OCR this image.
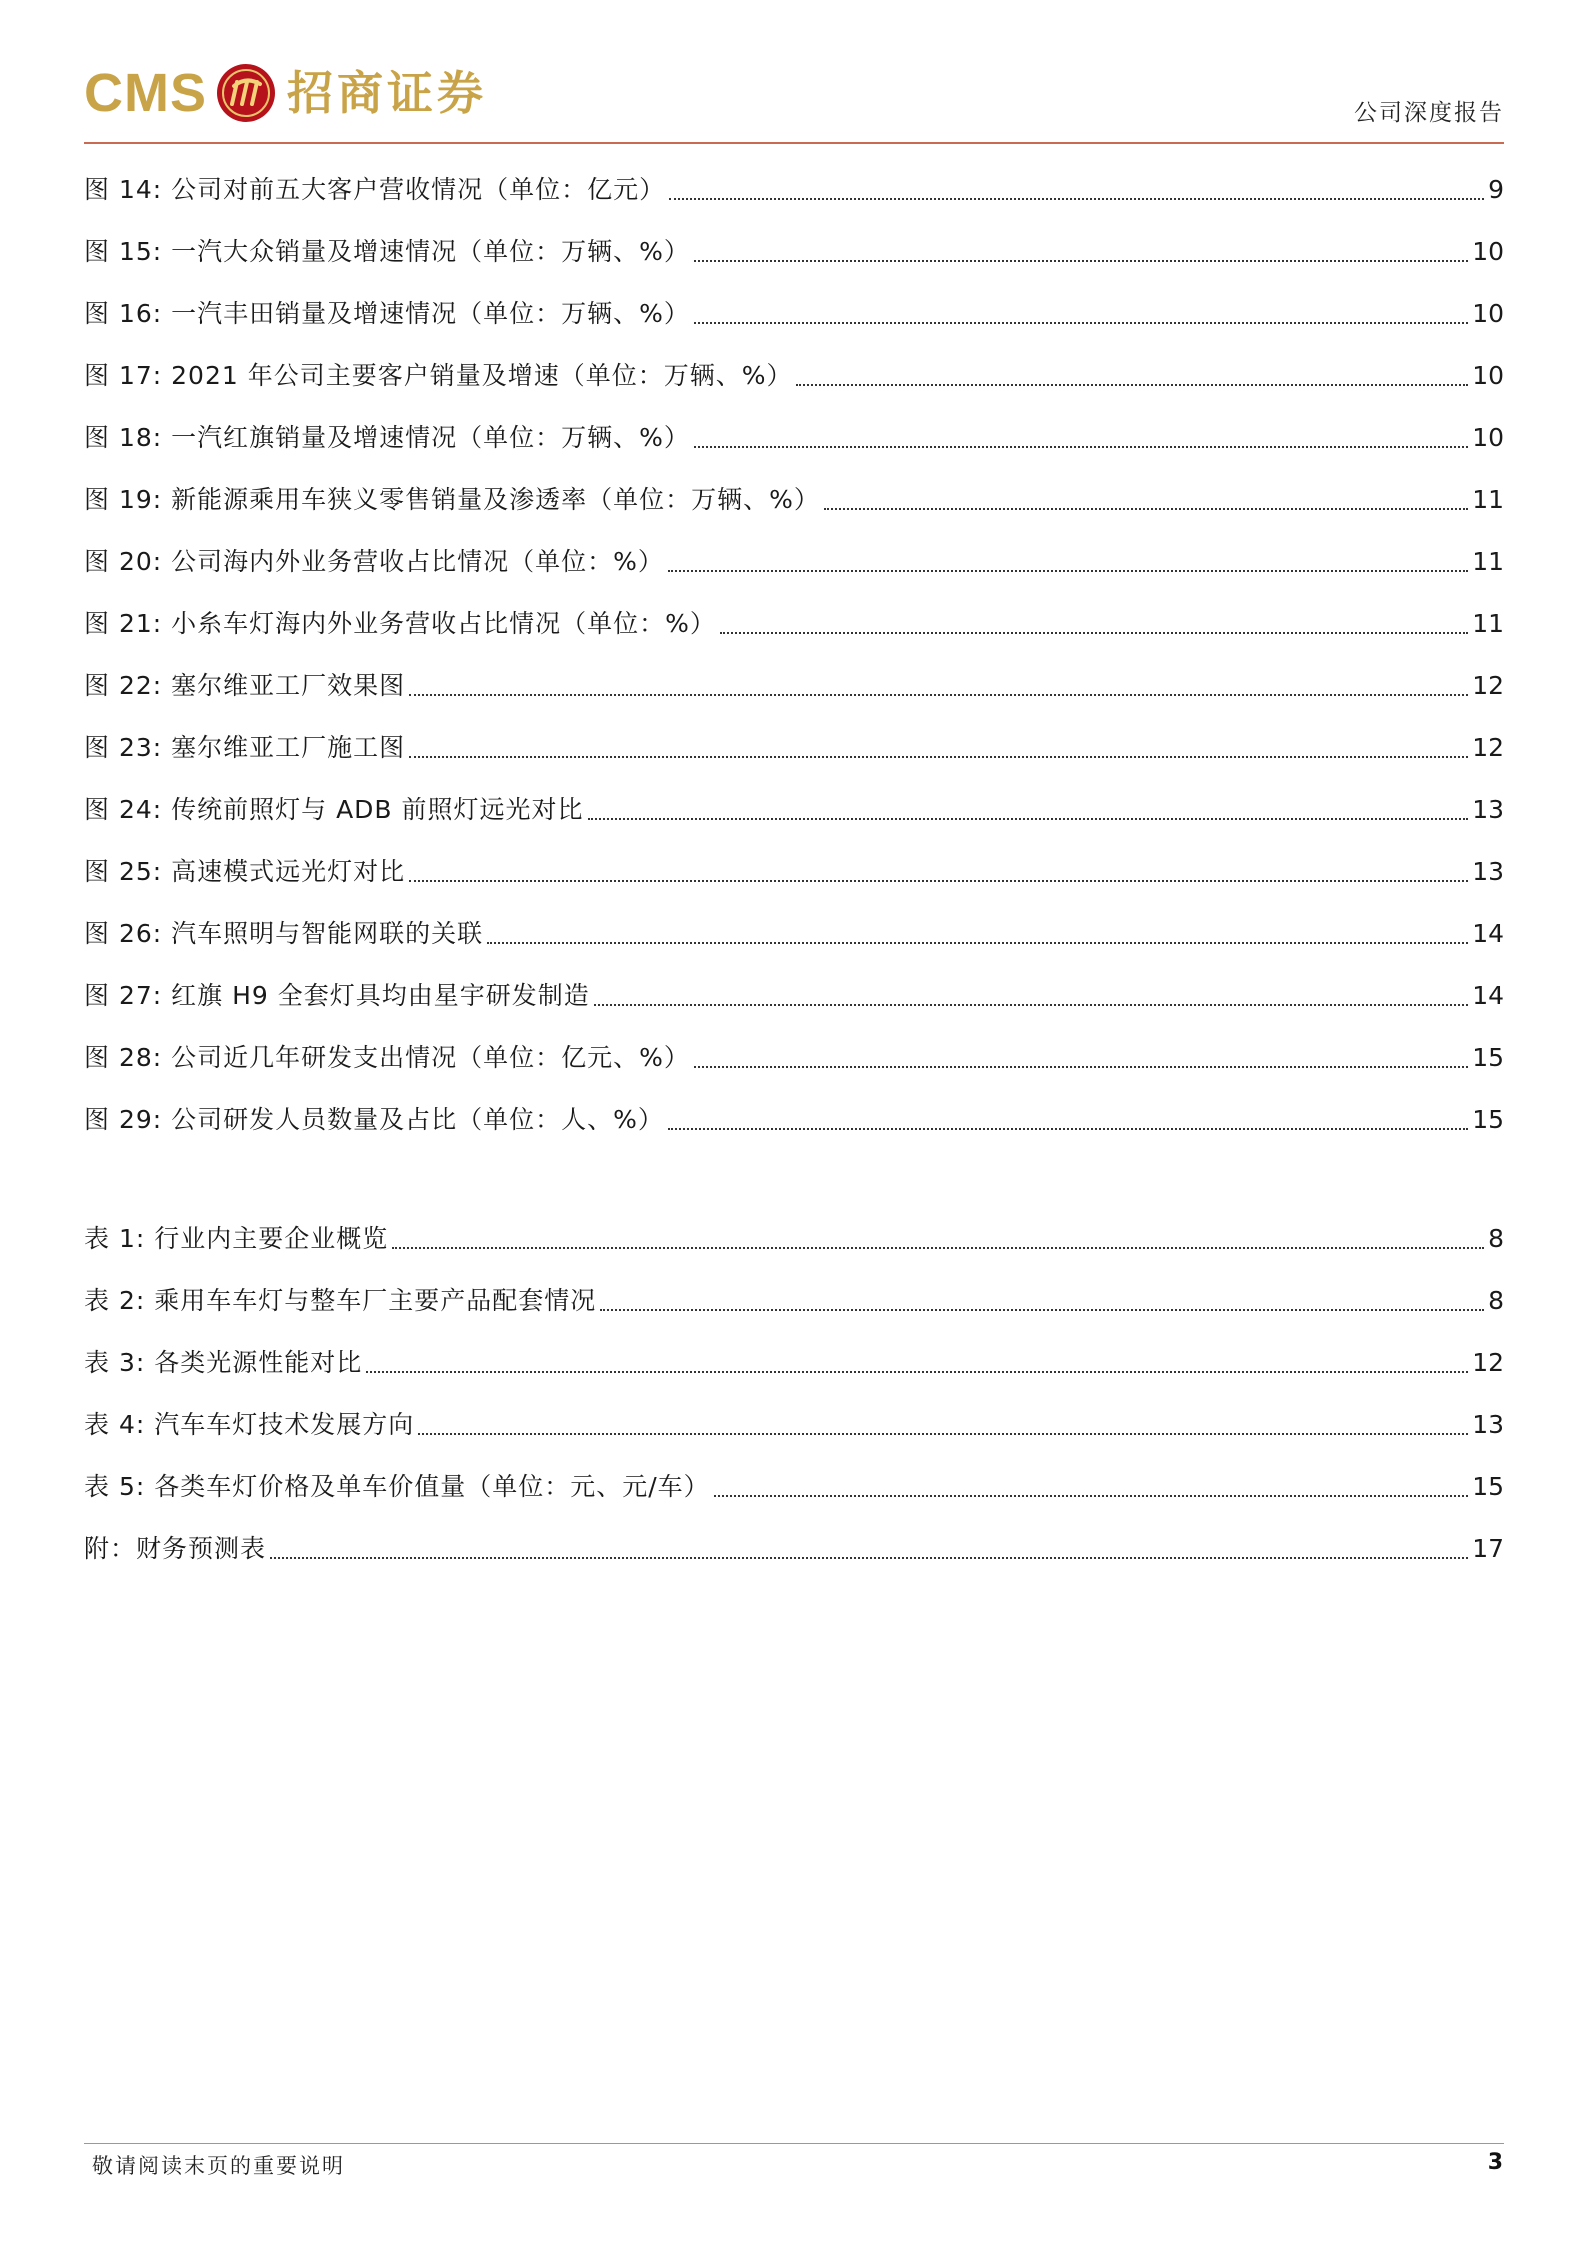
CMS 招商证券	公司深度报告
图 14: 公司对前五大客户营收情况（单位：亿元）	9
图 15: 一汽大众销量及增速情况（单位：万辆、%）	10
图 16: 一汽丰田销量及增速情况（单位：万辆、%）	10
图 17: 2021 年公司主要客户销量及增速（单位：万辆、%）	10
图 18: 一汽红旗销量及增速情况（单位：万辆、%）	10
图 19: 新能源乘用车狭义零售销量及渗透率（单位：万辆、%）	11
图 20: 公司海内外业务营收占比情况（单位：%）	11
图 21: 小糸车灯海内外业务营收占比情况（单位：%）	11
图 22: 塞尔维亚工厂效果图	12
图 23: 塞尔维亚工厂施工图	12
图 24: 传统前照灯与 ADB 前照灯远光对比	13
图 25: 高速模式远光灯对比	13
图 26: 汽车照明与智能网联的关联	14
图 27: 红旗 H9 全套灯具均由星宇研发制造	14
图 28: 公司近几年研发支出情况（单位：亿元、%）	15
图 29: 公司研发人员数量及占比（单位：人、%）	15
表 1: 行业内主要企业概览	8
表 2: 乘用车车灯与整车厂主要产品配套情况	8
表 3: 各类光源性能对比	12
表 4: 汽车车灯技术发展方向	13
表 5: 各类车灯价格及单车价值量（单位：元、元/车）	15
附：财务预测表	17
敬请阅读末页的重要说明	3
